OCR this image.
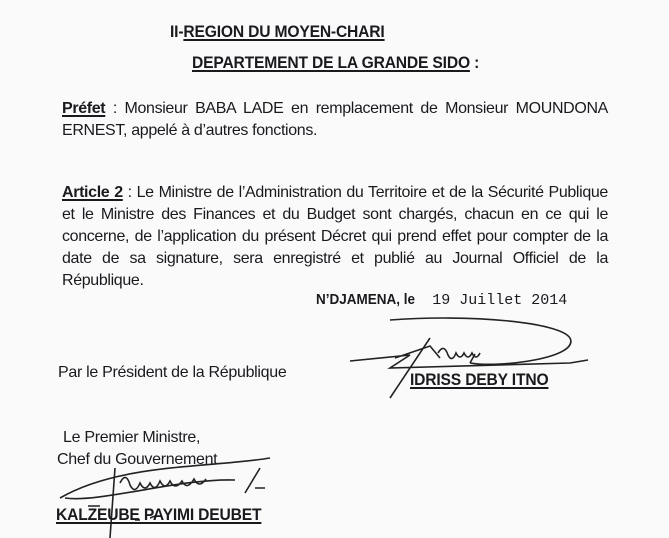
II-REGION DU MOYEN-CHARI
DEPARTEMENT DE LA GRANDE SIDO :
Préfet : Monsieur BABA LADE en remplacement de Monsieur MOUNDONA ERNEST, appelé à d’autres fonctions.
Article 2 : Le Ministre de l’Administration du Territoire et de la Sécurité Publique et le Ministre des Finances et du Budget sont chargés, chacun en ce qui le concerne, de l’application du présent Décret qui prend effet pour compter de la date de sa signature, sera enregistré et publié au Journal Officiel de la République.
N’DJAMENA, le 19 Juillet 2014
Par le Président de la République	IDRISS DEBY ITNO
Le Premier Ministre,
Chef du Gouvernement
KALZEUBE PAYIMI DEUBET
